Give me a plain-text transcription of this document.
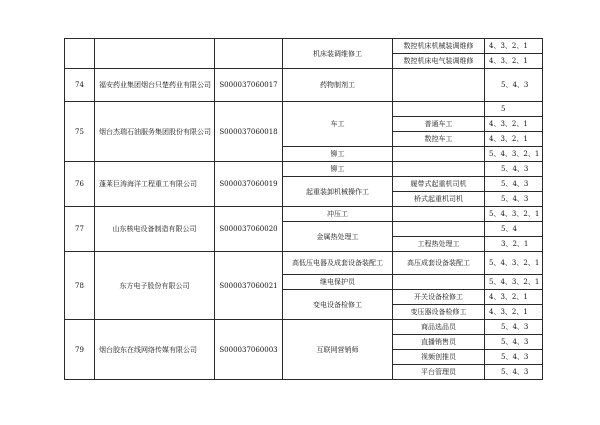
			机床装调维修工	数控机床机械装调维修	4、3、2、1
				数控机床电气装调维修	4、3、2、1
74	福安药业集团烟台只楚药业有限公司	S000037060017	药物制剂工		5、4、3
75	烟台杰瑞石油服务集团股份有限公司	S000037060018	车工		5
				普通车工	4、3、2、1
				数控车工	4、3、2、1
			铆工		5、4、3、2、1
76	蓬莱巨涛海洋工程重工有限公司	S000037060019	铆工		5、4、3
			起重装卸机械操作工	履带式起重机司机	5、4、3
				桥式起重机司机	5、4、3
77	山东核电设备制造有限公司	S000037060020	冲压工		5、4、3、2、1
			金属热处理工		5、4
				工程热处理工	3、2、1
78	东方电子股份有限公司	S000037060021	高低压电器及成套设备装配工	高压成套设备装配工	5、4、3、2、1
			继电保护员		5、4、3、2、1
			变电设备检修工	开关设备检修工	4、3、2、1
				变压器设备检修工	4、3、2、1
79	烟台胶东在线网络传媒有限公司	S000037060003	互联网营销师	商品选品员	5、4、3
				直播销售员	5、4、3
				视频创推员	5、4、3
				平台管理员	5、4、3
